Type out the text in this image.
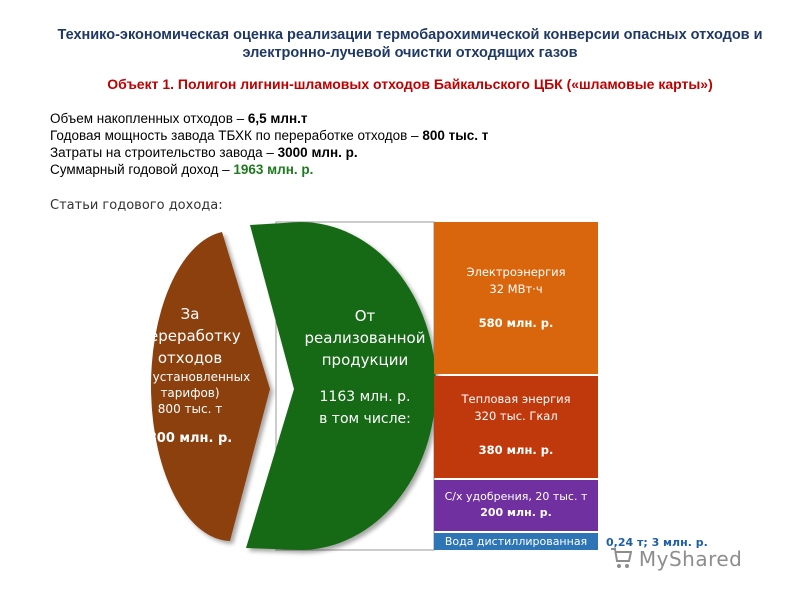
Технико-экономическая оценка реализации термобарохимической конверсии опасных отходов и электронно-лучевой очистки отходящих газов
Объект 1. Полигон лигнин-шламовых отходов Байкальского ЦБК («шламовые карты»)
Объем накопленных отходов – 6,5 млн.т
Годовая мощность завода ТБХК по переработке отходов – 800 тыс. т
Затраты на строительство завода – 3000 млн. р.
Суммарный годовой доход – 1963 млн. р.
Статьи годового дохода:
За
переработку
отходов
(от установленных
тарифов)
800 тыс. т
800 млн. р.
От
реализованной
продукции
1163 млн. р.
в том числе:
Электроэнергия
32 МВт·ч
580 млн. р.
Тепловая энергия
320 тыс. Гкал
380 млн. р.
С/х удобрения, 20 тыс. т
200 млн. р.
Вода дистиллированная	0,24 т; 3 млн. р.
MyShared
